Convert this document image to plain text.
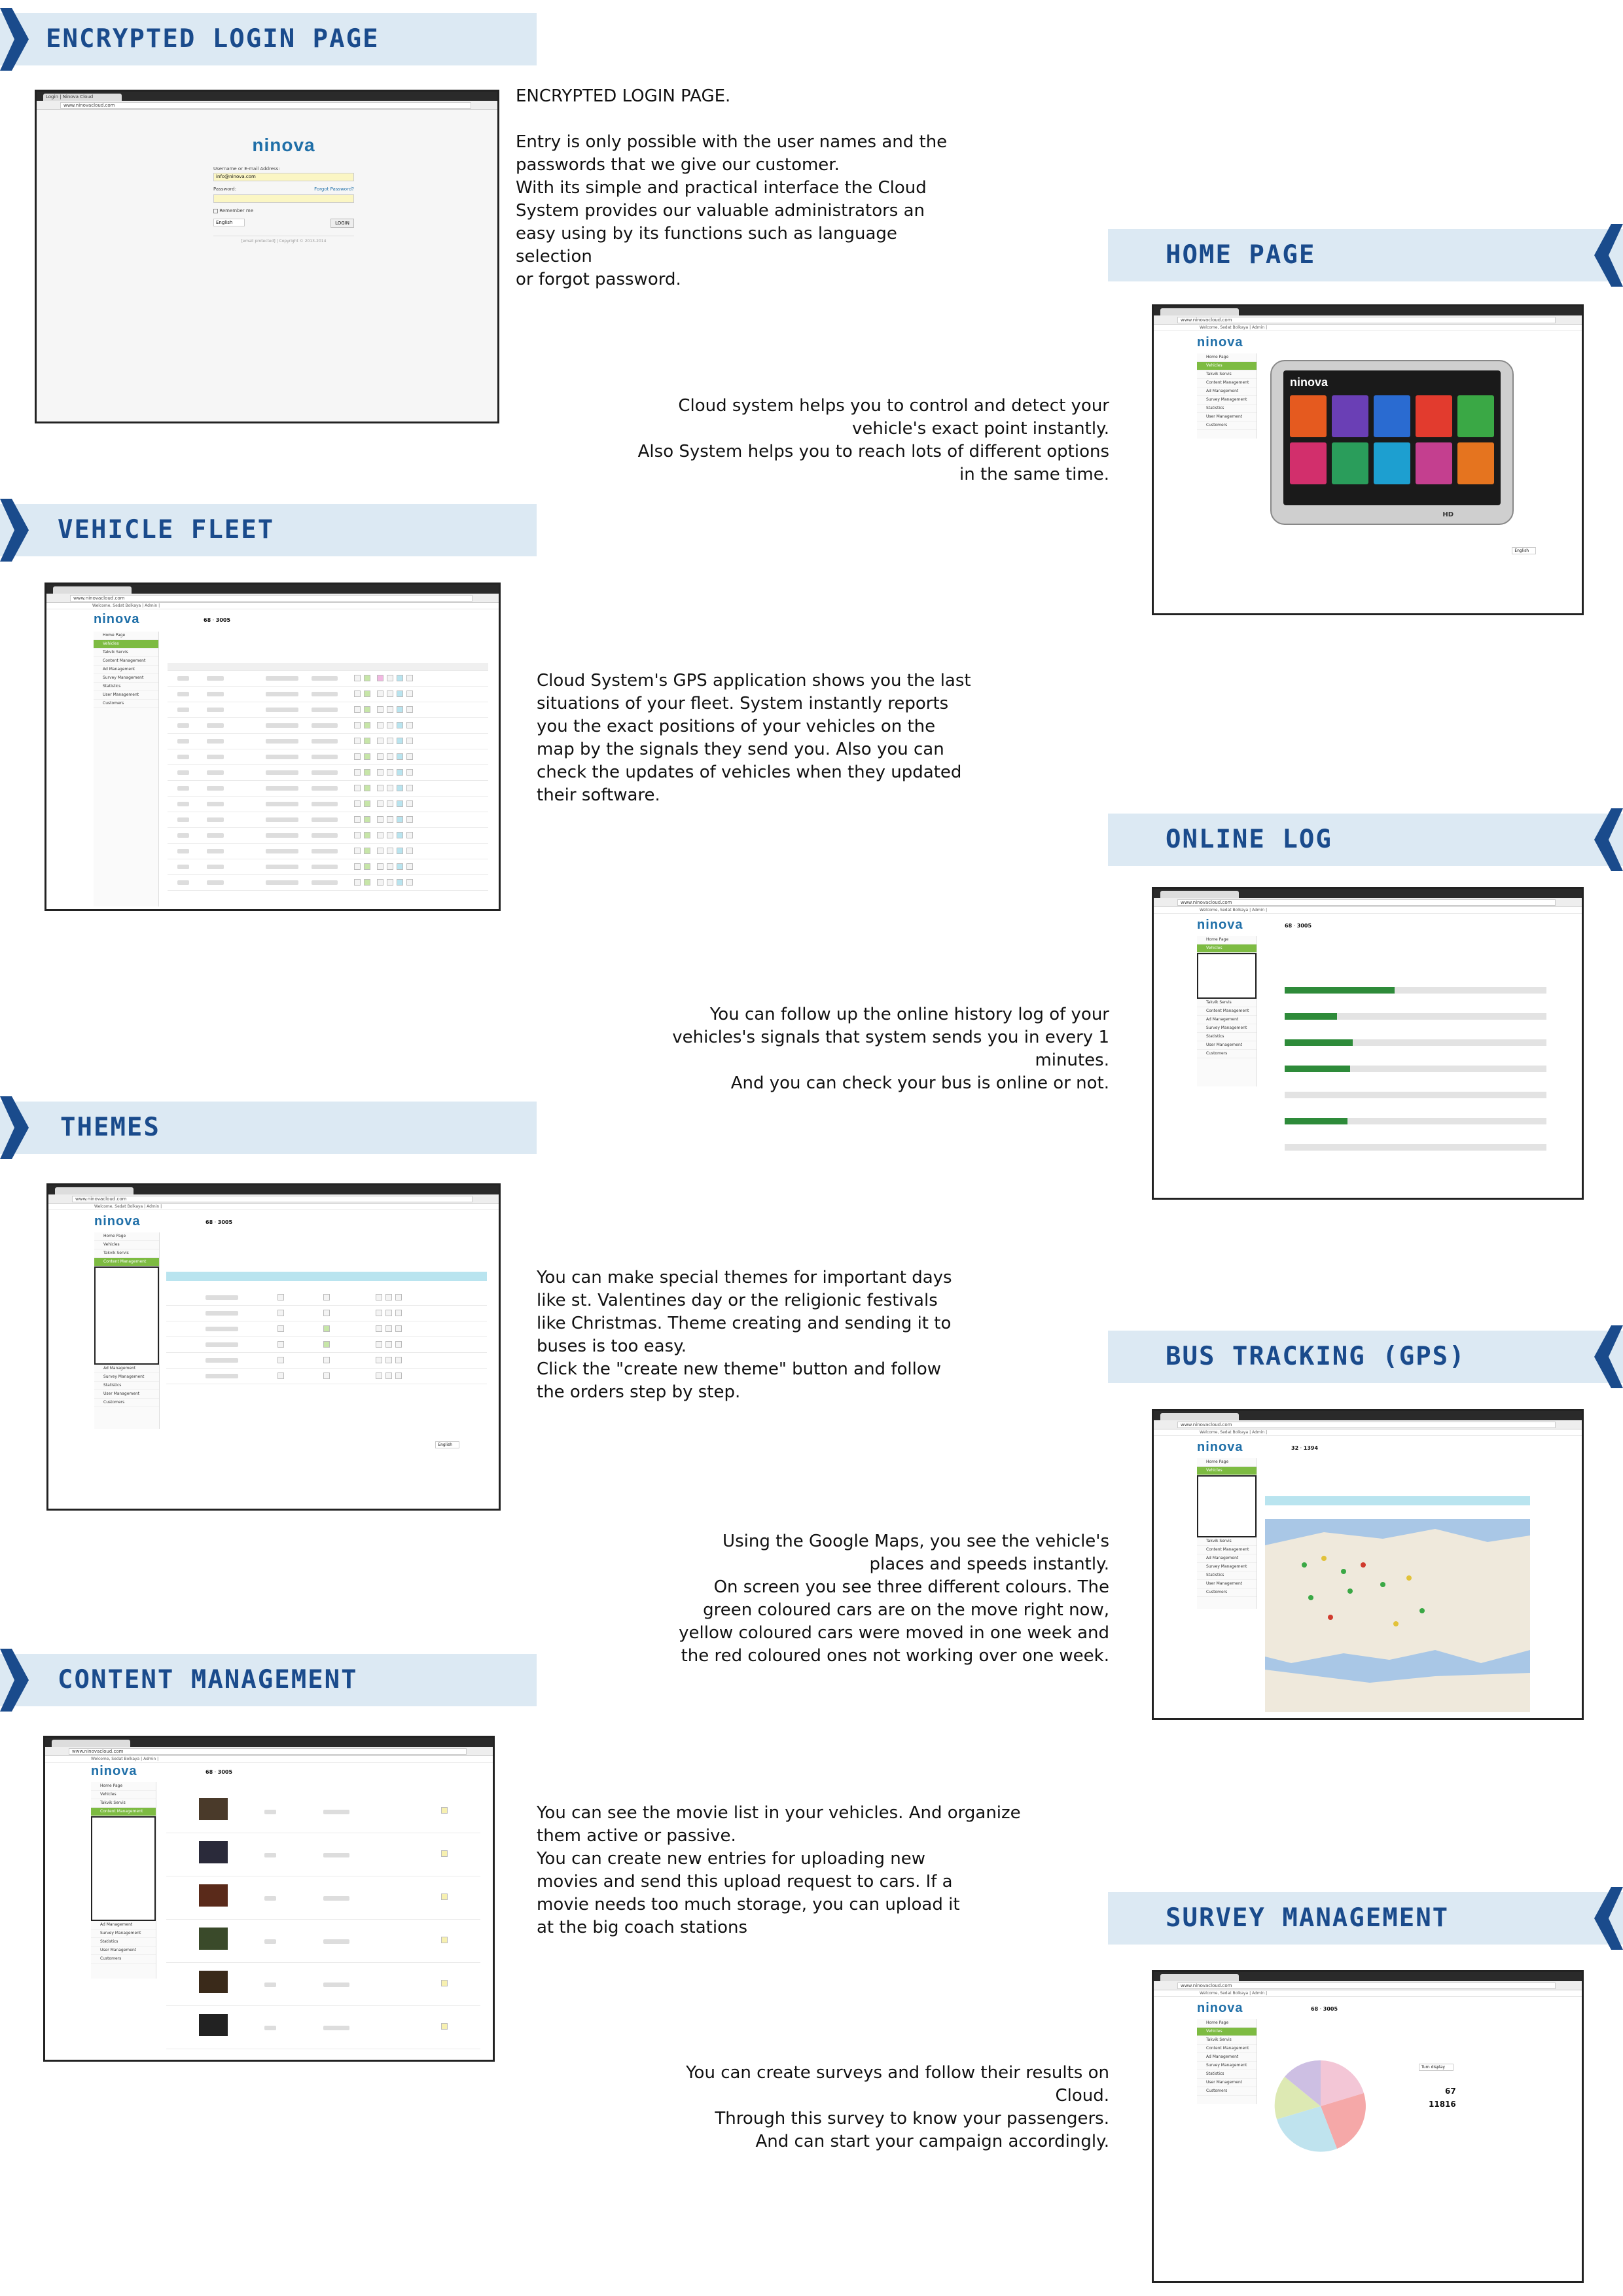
ENCRYPTED LOGIN PAGE
HOME PAGE
VEHICLE FLEET
ONLINE LOG
THEMES
BUS TRACKING (GPS)
CONTENT MANAGEMENT
SURVEY MANAGEMENT
ENCRYPTED LOGIN PAGE.

Entry is only possible with the user names and the
passwords that we give our customer.
With its simple and practical interface the Cloud
System provides our valuable administrators an
easy using by its functions such as language selection
or forgot password.
Cloud system helps you to control and detect your
vehicle's exact point instantly.
Also System helps you to reach lots of different options
in the same time.
Cloud System's GPS application shows you the last
situations of your fleet. System instantly reports
you the exact positions of your vehicles on the
map by the signals they send you. Also you can
check the updates of vehicles when they updated
their software.
You can follow up the online history log of your
vehicles's signals that system sends you in every 1
minutes.
And you can check your bus is online or not.
You can make special themes for important days
like st. Valentines day or the religionic festivals
like Christmas. Theme creating and sending it to
buses is too easy.
Click the "create new theme" button and follow
the orders step by step.
Using the Google Maps, you see the vehicle's
places and speeds instantly.
On screen you see three different colours. The
green coloured cars are on the move right now,
yellow coloured cars were moved in one week and
the red coloured ones not working over one week.
You can see the movie list in your vehicles. And organize
them active or passive.
You can create new entries for uploading new
movies and send this upload request to cars. If a
movie needs too much storage, you can upload it
at the big coach stations
You can create surveys and follow their results on
Cloud.
Through this survey to know your passengers.
And can start your campaign accordingly.
Login | Ninova Cloud
www.ninovacloud.com
ninova
Username or E-mail Address:
info@ninova.com
Password:	Forgot Password?
Remember me
English	LOGIN
[email protected] | Copyright © 2013-2014
www.ninovacloud.com
Welcome, Sedat Bolkaya | Admin |
ninova
Home Page
Vehicles
Takvik Servis
Content Management
Ad Management
Survey Management
Statistics
User Management
Customers
ninova
HD
English
www.ninovacloud.com
Welcome, Sedat Bolkaya | Admin |
ninova	68 · 3005
Home Page
Vehicles
Takvik Servis
Content Management
Ad Management
Survey Management
Statistics
User Management
Customers
www.ninovacloud.com
Welcome, Sedat Bolkaya | Admin |
ninova	68 · 3005
Home Page
Vehicles
Takvik Servis
Content Management
Ad Management
Survey Management
Statistics
User Management
Customers
www.ninovacloud.com
Welcome, Sedat Bolkaya | Admin |
ninova	68 · 3005
Home Page
Vehicles
Takvik Servis
Content Management
Ad Management
Survey Management
Statistics
User Management
Customers
English
www.ninovacloud.com
Welcome, Sedat Bolkaya | Admin |
ninova	32 · 1394
Home Page
Vehicles
Takvik Servis
Content Management
Ad Management
Survey Management
Statistics
User Management
Customers
www.ninovacloud.com
Welcome, Sedat Bolkaya | Admin |
ninova	68 · 3005
Home Page
Vehicles
Takvik Servis
Content Management
Ad Management
Survey Management
Statistics
User Management
Customers
www.ninovacloud.com
Welcome, Sedat Bolkaya | Admin |
ninova	68 · 3005
Home Page
Vehicles
Takvik Servis
Content Management
Ad Management
Survey Management
Statistics
User Management
Customers
Turn display
67
11816
